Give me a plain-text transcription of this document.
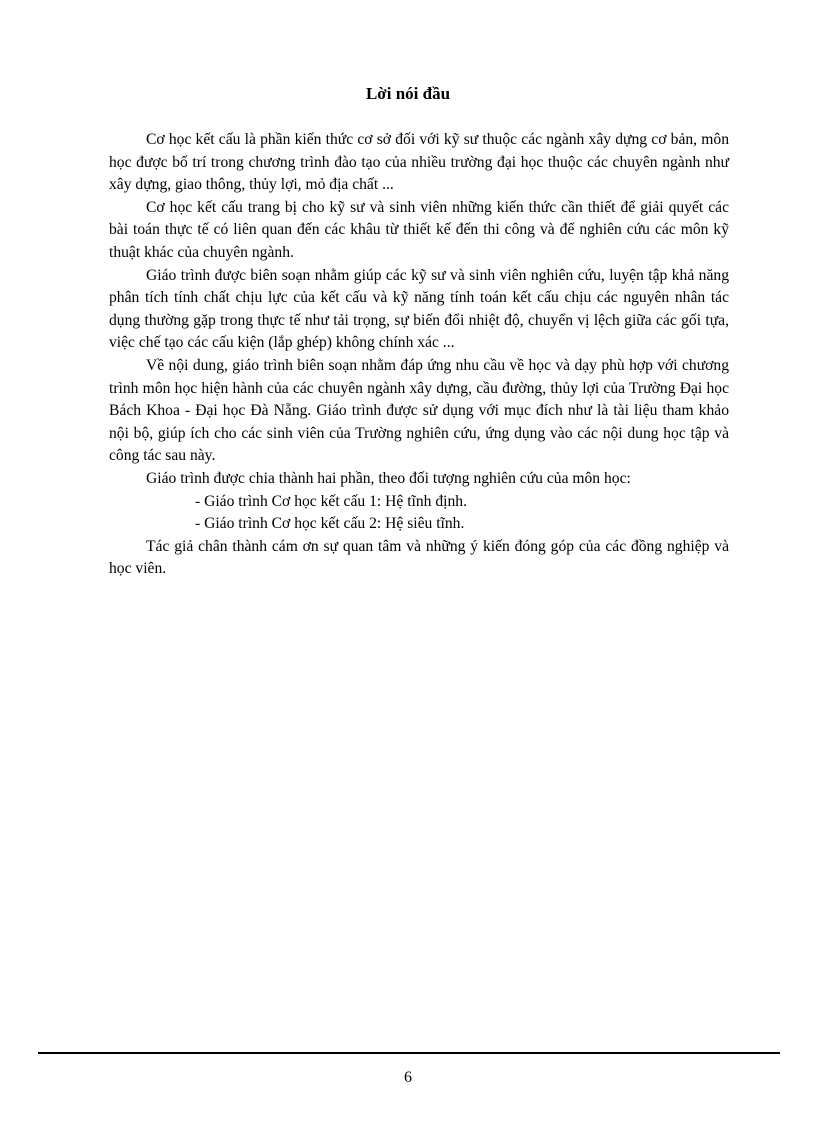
Lời nói đầu

Cơ học kết cấu là phần kiến thức cơ sở đối với kỹ sư thuộc các ngành xây dựng cơ bản, môn học được bố trí trong chương trình đào tạo của nhiều trường đại học thuộc các chuyên ngành như xây dựng, giao thông, thủy lợi, mỏ địa chất ...

Cơ học kết cấu trang bị cho kỹ sư và sinh viên những kiến thức cần thiết để giải quyết các bài toán thực tế có liên quan đến các khâu từ thiết kế đến thi công và để nghiên cứu các môn kỹ thuật khác của chuyên ngành.

Giáo trình được biên soạn nhằm giúp các kỹ sư và sinh viên nghiên cứu, luyện tập khả năng phân tích tính chất chịu lực của kết cấu và kỹ năng tính toán kết cấu chịu các nguyên nhân tác dụng thường gặp trong thực tế như tải trọng, sự biến đổi nhiệt độ, chuyển vị lệch giữa các gối tựa, việc chế tạo các cấu kiện (lắp ghép) không chính xác ...

Về nội dung, giáo trình biên soạn nhằm đáp ứng nhu cầu về học và dạy phù hợp với chương trình môn học hiện hành của các chuyên ngành xây dựng, cầu đường, thủy lợi của Trường Đại học Bách Khoa - Đại học Đà Nẵng. Giáo trình được sử dụng với mục đích như là tài liệu tham khảo nội bộ, giúp ích cho các sinh viên của Trường nghiên cứu, ứng dụng vào các nội dung học tập và công tác sau này.

Giáo trình được chia thành hai phần, theo đối tượng nghiên cứu của môn học:

- Giáo trình Cơ học kết cấu 1: Hệ tĩnh định.

- Giáo trình Cơ học kết cấu 2: Hệ siêu tĩnh.

Tác giả chân thành cám ơn sự quan tâm và những ý kiến đóng góp của các đồng nghiệp và học viên.

6
